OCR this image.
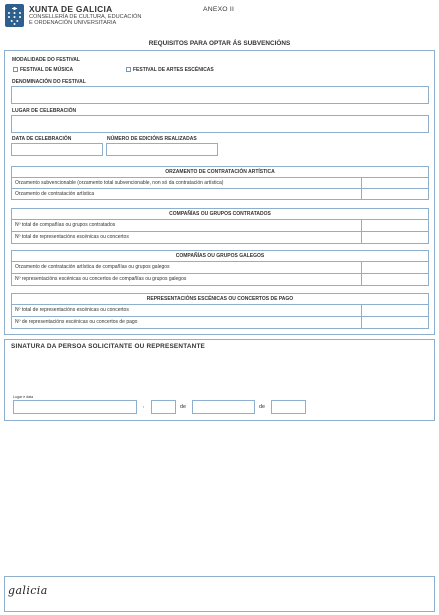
XUNTA DE GALICIA
CONSELLERÍA DE CULTURA, EDUCACIÓN
E ORDENACIÓN UNIVERSITARIA
ANEXO II
REQUISITOS PARA OPTAR ÁS SUBVENCIÓNS
MODALIDADE DO FESTIVAL
FESTIVAL DE MÚSICA	FESTIVAL DE ARTES ESCÉNICAS
DENOMINACIÓN DO FESTIVAL
LUGAR DE CELEBRACIÓN
DATA DE CELEBRACIÓN	NÚMERO DE EDICIÓNS REALIZADAS
ORZAMENTO DE CONTRATACIÓN ARTÍSTICA
Orzamento subvencionable (orzamento total subvencionable, non só da contratación artística)
Orzamento de contratación artística
COMPAÑÍAS OU GRUPOS CONTRATADOS
Nº total de compañías ou grupos contratados
Nº total de representacións escénicas ou concertos
COMPAÑÍAS OU GRUPOS GALEGOS
Orzamento de contratación artística de compañías ou grupos galegos
Nº representacións escénicas ou concertos de compañías ou grupos galegos
REPRESENTACIÓNS ESCÉNICAS OU CONCERTOS DE PAGO
Nº total de representacións escénicas ou concertos
Nº de representacións escénicas ou concertos de pago
SINATURA DA PERSOA SOLICITANTE OU REPRESENTANTE
Lugar e data
,	de	de
galicia
